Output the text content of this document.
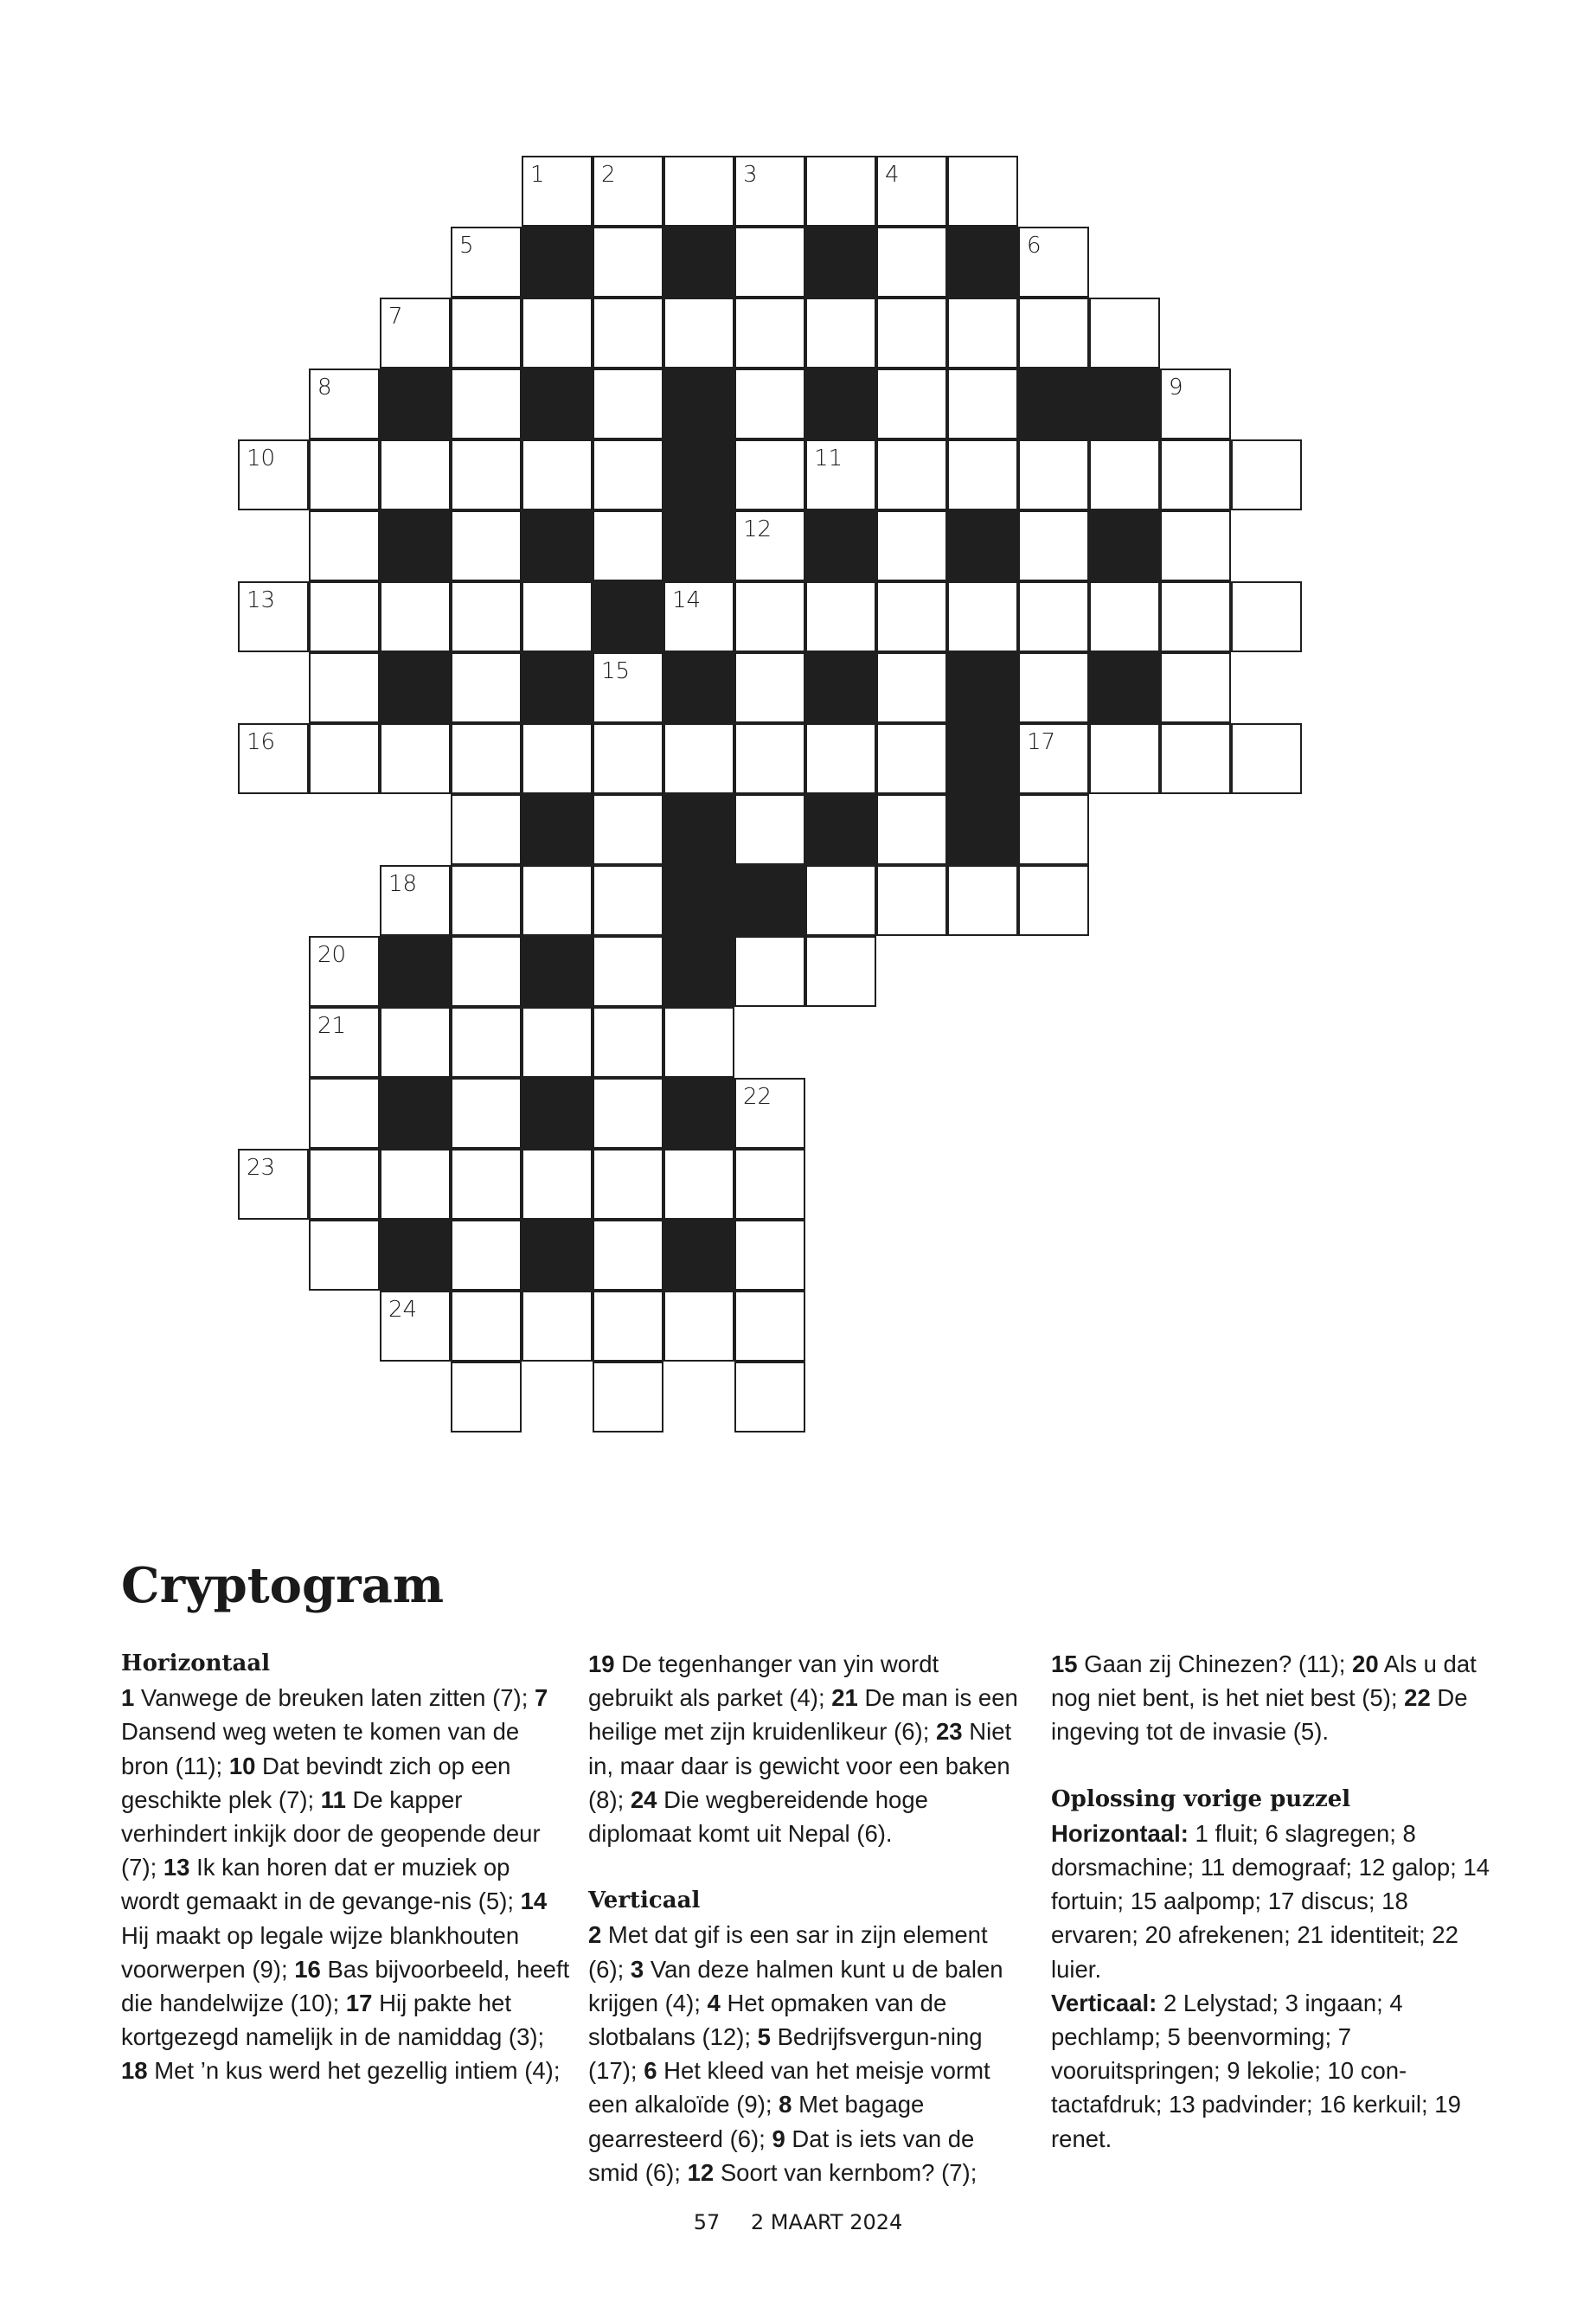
1	2	3	4
5	6
7
8	9
10	11
12
13	14
15
16	17
18
20
21
22
23
24
Cryptogram
Horizontaal
1 Vanwege de breuken laten zitten (7); 7 Dansend weg weten te komen van de bron (11); 10 Dat bevindt zich op een geschikte plek (7); 11 De kapper verhindert inkijk door de geopende deur (7); 13 Ik kan horen dat er muziek op wordt gemaakt in de gevange-nis (5); 14 Hij maakt op legale wijze blankhouten voorwerpen (9); 16 Bas bijvoorbeeld, heeft die handelwijze (10); 17 Hij pakte het kortgezegd namelijk in de namiddag (3); 18 Met ’n kus werd het gezellig intiem (4);
19 De tegenhanger van yin wordt gebruikt als parket (4); 21 De man is een heilige met zijn kruidenlikeur (6); 23 Niet in, maar daar is gewicht voor een baken (8); 24 Die wegbereidende hoge diplomaat komt uit Nepal (6).
Verticaal
2 Met dat gif is een sar in zijn element (6); 3 Van deze halmen kunt u de balen krijgen (4); 4 Het opmaken van de slotbalans (12); 5 Bedrijfsvergun-ning (17); 6 Het kleed van het meisje vormt een alkaloïde (9); 8 Met bagage gearresteerd (6); 9 Dat is iets van de smid (6); 12 Soort van kernbom? (7);
15 Gaan zij Chinezen? (11); 20 Als u dat nog niet bent, is het niet best (5); 22 De ingeving tot de invasie (5).
Oplossing vorige puzzel
Horizontaal: 1 fluit; 6 slagregen; 8 dorsmachine; 11 demograaf; 12 galop; 14 fortuin; 15 aalpomp; 17 discus; 18 ervaren; 20 afrekenen; 21 identiteit; 22 luier.
Verticaal: 2 Lelystad; 3 ingaan; 4 pechlamp; 5 beenvorming; 7 vooruitspringen; 9 lekolie; 10 con-tactafdruk; 13 padvinder; 16 kerkuil; 19 renet.
57 2 MAART 2024
